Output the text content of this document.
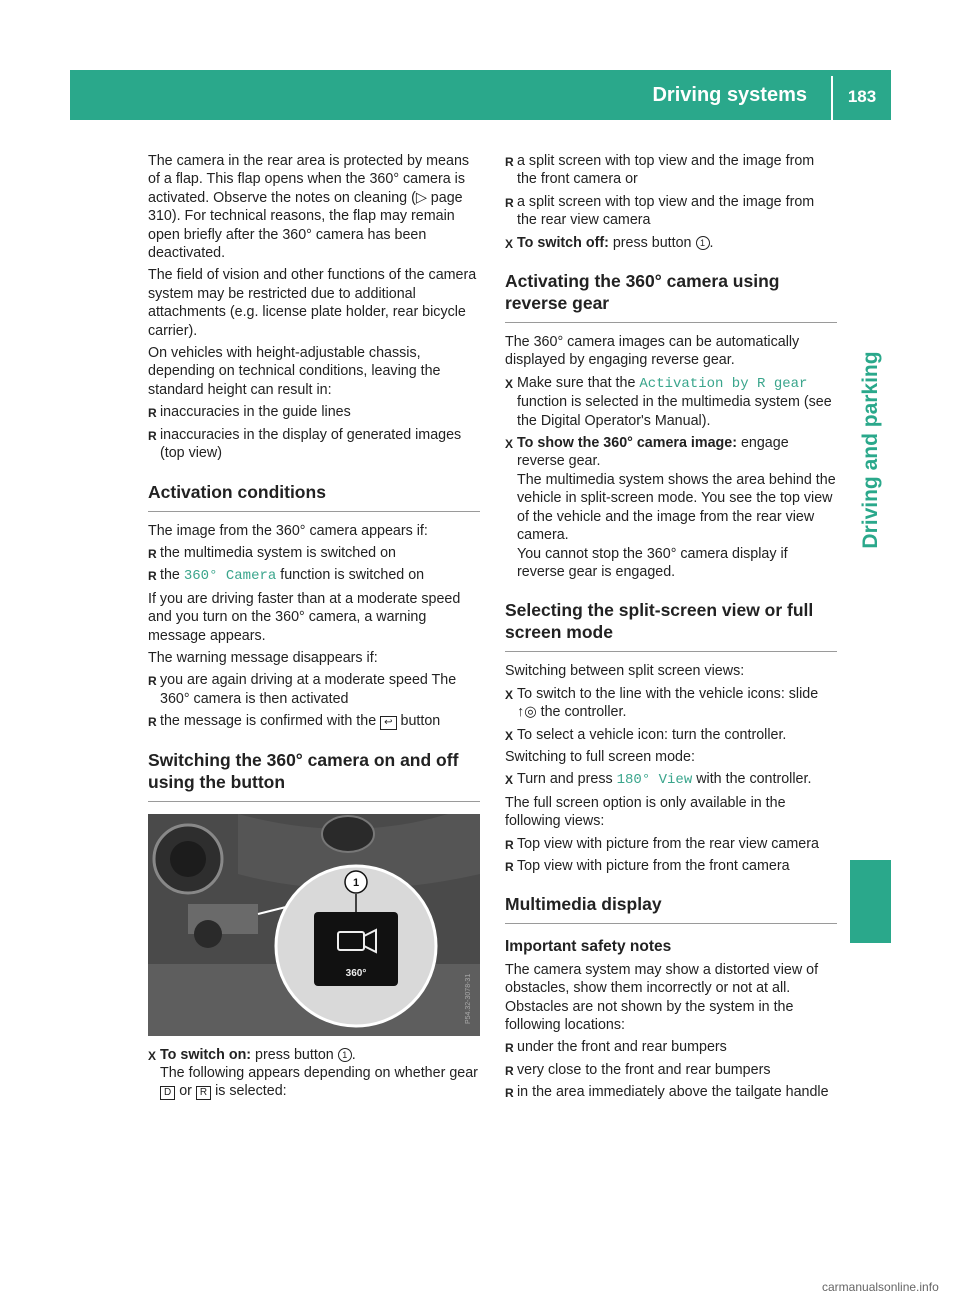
Driving systems	183
Driving and parking

The camera in the rear area is protected by means of a flap. This flap opens when the 360° camera is activated. Observe the notes on cleaning (▷ page 310). For technical reasons, the flap may remain open briefly after the 360° camera has been deactivated.

The field of vision and other functions of the camera system may be restricted due to additional attachments (e.g. license plate holder, rear bicycle carrier).

On vehicles with height-adjustable chassis, depending on technical conditions, leaving the standard height can result in:

R inaccuracies in the guide lines
R inaccuracies in the display of generated images (top view)
Activation conditions

The image from the 360° camera appears if:

R the multimedia system is switched on
R the 360° Camera function is switched on

If you are driving faster than at a moderate speed and you turn on the 360° camera, a warning message appears.

The warning message disappears if:

R you are again driving at a moderate speed The 360° camera is then activated
R the message is confirmed with the ↩ button
Switching the 360° camera on and off using the button
360°
1
P54.32-3078-31
X To switch on: press button 1 .
The following appears depending on whether gear D or R is selected:
R a split screen with top view and the image from the front camera or
R a split screen with top view and the image from the rear view camera
X To switch off: press button 1 .
Activating the 360° camera using reverse gear

The 360° camera images can be automatically displayed by engaging reverse gear.

X Make sure that the Activation by R gear function is selected in the multimedia system (see the Digital Operator's Manual).
X To show the 360° camera image: engage reverse gear.
The multimedia system shows the area behind the vehicle in split-screen mode. You see the top view of the vehicle and the image from the rear view camera.
You cannot stop the 360° camera display if reverse gear is engaged.
Selecting the split-screen view or full screen mode

Switching between split screen views:

X To switch to the line with the vehicle icons: slide ↑◎ the controller.
X To select a vehicle icon: turn the controller.

Switching to full screen mode:

X Turn and press 180° View with the controller.

The full screen option is only available in the following views:

R Top view with picture from the rear view camera
R Top view with picture from the front camera
Multimedia display
Important safety notes

The camera system may show a distorted view of obstacles, show them incorrectly or not at all. Obstacles are not shown by the system in the following locations:

R under the front and rear bumpers
R very close to the front and rear bumpers
R in the area immediately above the tailgate handle
carmanualsonline.info
